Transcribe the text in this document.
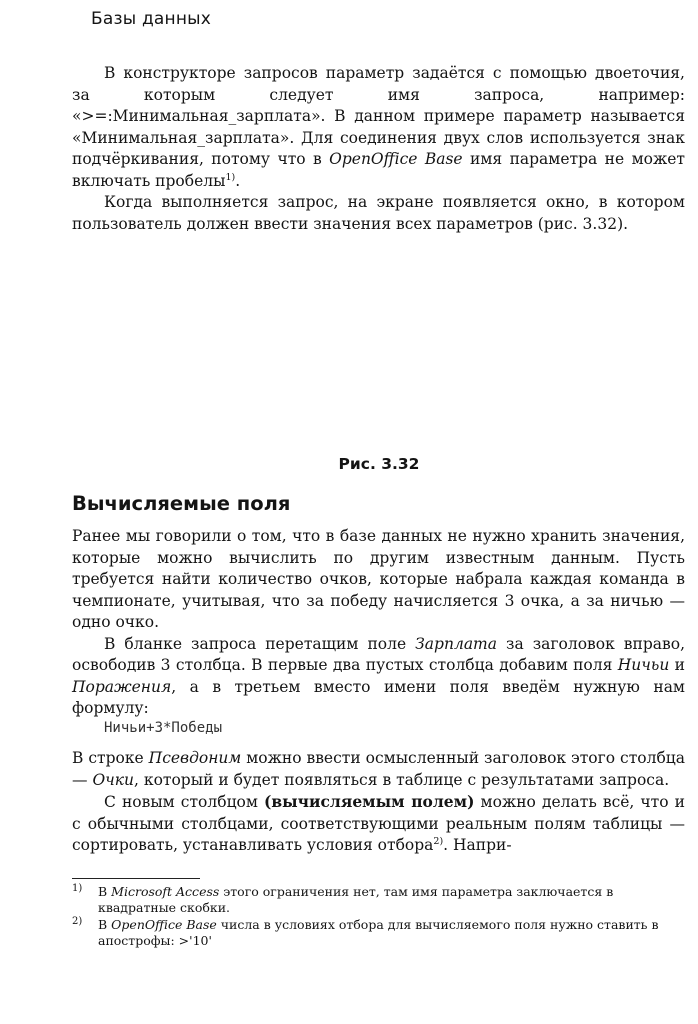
Базы данных

В конструкторе запросов параметр задаётся с помощью двоеточия, за которым следует имя запроса, например: «>=:Минимальная_зарплата». В данном примере параметр называется «Минимальная_зарплата». Для соединения двух слов используется знак подчёркивания, потому что в OpenOffice Base имя параметра не может включать пробелы$^{1)}$.

Когда выполняется запрос, на экране появляется окно, в котором пользователь должен ввести значения всех параметров (рис. 3.32).

Рис. 3.32
Вычисляемые поля

Ранее мы говорили о том, что в базе данных не нужно хранить значения, которые можно вычислить по другим известным данным. Пусть требуется найти количество очков, которые набрала каждая команда в чемпионате, учитывая, что за победу начисляется 3 очка, а за ничью — одно очко.

В бланке запроса перетащим поле Зарплата за заголовок вправо, освободив 3 столбца. В первые два пустых столбца добавим поля Ничьи и Поражения, а в третьем вместо имени поля введём нужную нам формулу:

Ничьи+3*Победы

В строке Псевдоним можно ввести осмысленный заголовок этого столбца — Очки, который и будет появляться в таблице с результатами запроса.

С новым столбцом (вычисляемым полем) можно делать всё, что и с обычными столбцами, соответствующими реальным полям таблицы — сортировать, устанавливать условия отбора$^{2)}$. Напри-

1) В Microsoft Access этого ограничения нет, там имя параметра заключается в квадратные скобки.
2) В OpenOffice Base числа в условиях отбора для вычисляемого поля нужно ставить в апострофы: >'10'
